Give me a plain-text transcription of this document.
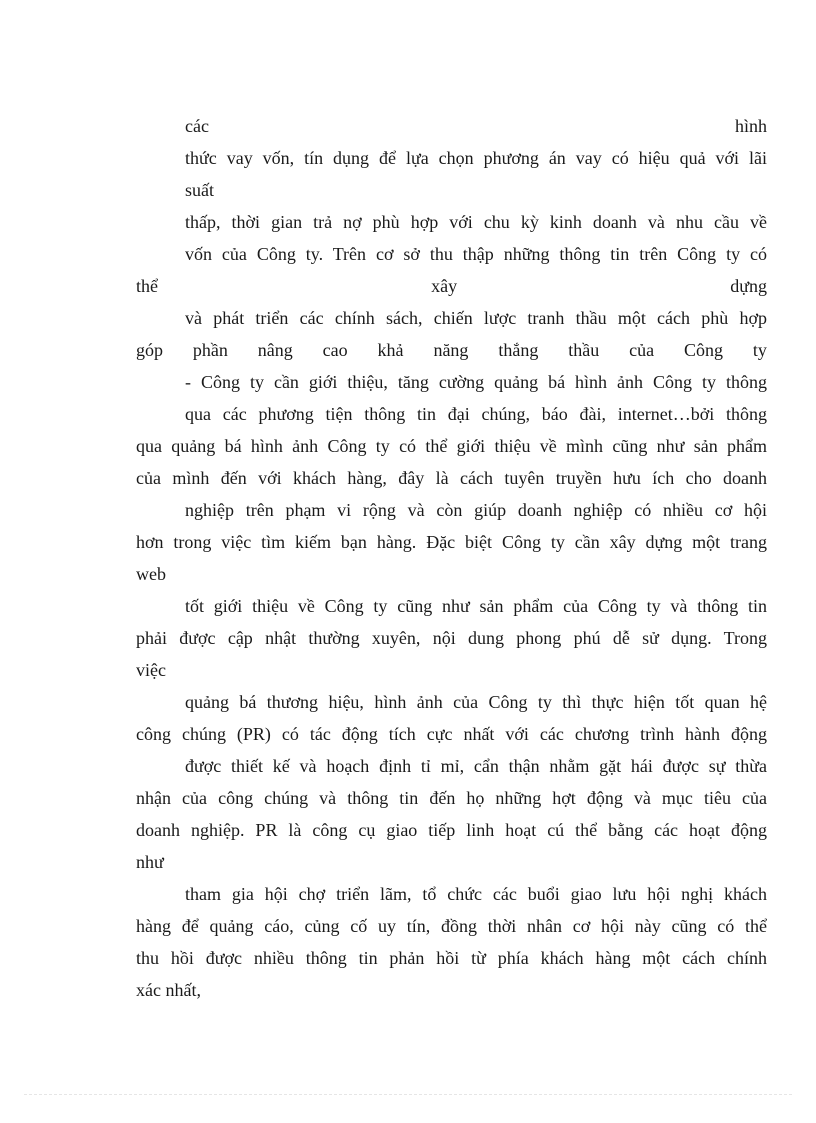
các	hình
thức vay vốn, tín dụng để lựa chọn phương án vay có hiệu quả với lãi
suất
thấp, thời gian trả nợ phù hợp với chu kỳ kinh doanh và nhu cầu về
vốn của Công ty. Trên cơ sở thu thập những thông tin trên Công ty có
thể	xây	dựng
và phát triển các chính sách, chiến lược tranh thầu một cách phù hợp
góp phần nâng cao khả năng thắng thầu của Công ty
- Công ty cần giới thiệu, tăng cường quảng bá hình ảnh Công ty thông
qua các phương tiện thông tin đại chúng, báo đài, internet…bởi thông
qua quảng bá hình ảnh Công ty có thể giới thiệu về mình cũng như sản phẩm
của mình đến với khách hàng, đây là cách tuyên truyền hưu ích cho doanh
nghiệp trên phạm vi rộng và còn giúp doanh nghiệp có nhiều cơ hội
hơn trong việc tìm kiếm bạn hàng. Đặc biệt Công ty cần xây dựng một trang
web
tốt giới thiệu về Công ty cũng như sản phẩm của Công ty và thông tin
phải được cập nhật thường xuyên, nội dung phong phú dễ sử dụng. Trong
việc
quảng bá thương hiệu, hình ảnh của Công ty thì thực hiện tốt quan hệ
công chúng (PR) có tác động tích cực nhất với các chương trình hành động
được thiết kế và hoạch định tỉ mỉ, cẩn thận nhằm gặt hái được sự thừa
nhận của công chúng và thông tin đến họ những hợt động và mục tiêu của
doanh nghiệp. PR là công cụ giao tiếp linh hoạt cú thể bằng các hoạt động
như
tham gia hội chợ triển lãm, tổ chức các buổi giao lưu hội nghị khách
hàng để quảng cáo, củng cố uy tín, đồng thời nhân cơ hội này cũng có thể
thu hồi được nhiều thông tin phản hồi từ phía khách hàng một cách chính
xác nhất,
